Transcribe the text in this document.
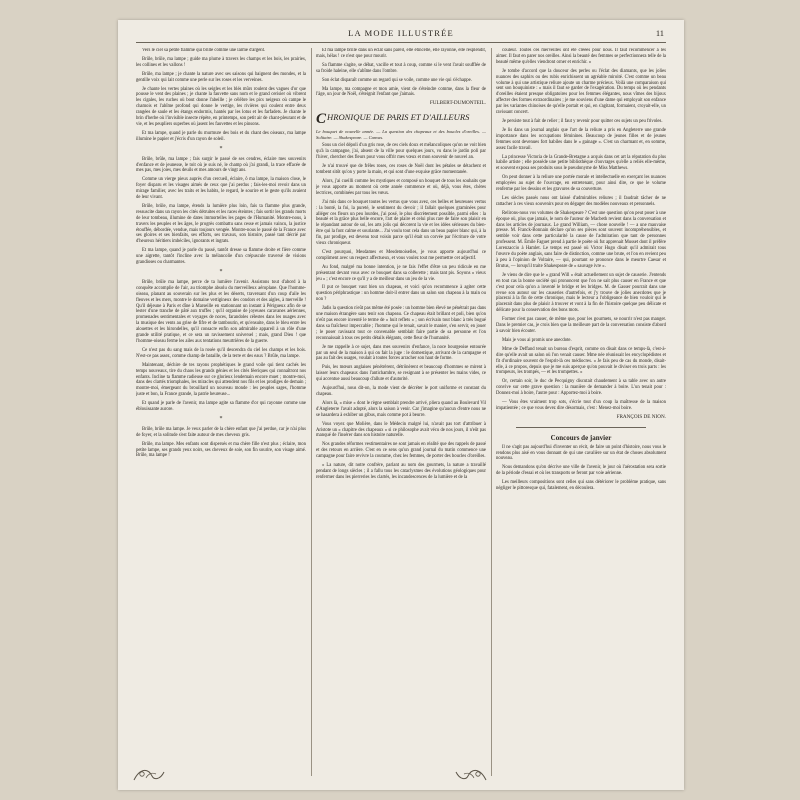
LA MODE ILLUSTRÉE	11

Vers le ciel sa petite flamme qui brille comme une larme d'argent.

Brûle, brûle, ma lampe ; guide ma plume à travers les champs et les bois, les prairies, les collines et les vallons !

Brûle, ma lampe ; je chante la nature avec ses saisons qui baignent des mondes, et la gentille voix qui lait comme une perle sur les roses et les verveines.

Je chante les vertes plaines où les seigles et les blés mûrs roulent des vagues d'or que pousse le vent des plaines ; je chante la fauvette sans nom et le grand cerisier où vibrent les cigales, les ruches où bout donne l'abeille ; je célèbre les pics neigeux où campe le chamois et l'abîme profond qui donne le vertige, les rivières qui coulent entre deux rangées de saule et les étangs endormis, hantés par les lotus et les farfadets. Je chante le brin d'herbe où l'invisible insecte répète, en printemps, son petit air de chant-pleurant et de vie, et les peupliers superbes où jasent les fauvettes et les pinsons.

Et ma lampe, quand je parle du murmure des bois et du chant des oiseaux, ma lampe illumine le papier et j'écris d'un rayon de soleil.

*

Brûle, brûle, ma lampe ; fais surgir le passé de ses cendres, éclaire mes souvenirs d'enfance et de jeunesse, le toit où je suis né, le champ où j'ai grandi, la trace effacée de mes pas, mes joies, mes deuils et mes amours de vingt ans.

Comme un vierge pieux auprès d'un cercueil, éclaire, ô ma lampe, la maison close, le foyer disparu et les visages aimés de ceux que j'ai perdus ; fais-les-moi revoir dans un mirage familier, avec les traits et les habits, le regard, le sourire et le geste qu'ils avaient de leur vivant.

Brûle, brûle, ma lampe, étends la lumière plus loin, fais ta flamme plus grande, ressuscite dans un rayon les cités détruites et les races éteintes ; fais sortir les grands morts de leur tombeau, illumine de dates immortelles les pages de l'Humanité. Montre-nous, à travers les peuples et les âges, le progrès combattu sans cesse et jamais vaincu, la justice étouffée, débordée, vendue, mais toujours vengée. Montre-nous le passé de la France avec ses gloires et ses bienfaits, ses efforts, ses travaux, son histoire, passé tant décrié par d'heureux héritiers imbéciles, ignorants et ingrats.

Et ma lampe, quand je parle du passé, tantôt dresse sa flamme droite et fière comme une aigrette, tantôt l'incline avec la mélancolie d'un crépuscule traversé de visions grandioses ou charmantes.

*

Brûle, brûle ma lampe, perce de ta lumière l'avenir. Assistons tout d'abord à la conquête accomplie de l'air, au triomphe absolu du merveilleux aéroplane. Que l'homme-oiseau, planant au souverain sur les plus et les déserts, traversant d'un coup d'aile les fleuves et les mers, montre le domaine vertigineux des condors et des aigles, à merveille ! Qu'il déjeune à Paris et dîne à Marseille en stationnant un instant à Périgueux afin de se lester d'une tranche de pâté aux truffes ; qu'il organise de joyeuses caravanes aériennes, promenades sentimentales et voyages de noces, farandoles célestes dans les nuages avec la musique des vents au grise de fifre et de tambourin, et qu'ensuite, dans le bleu entre les alouettes et les hirondelles, qu'il consacre enfin son admirable appareil à un rôle d'une grande utilité pratique, et ce sera un ravissement universel ; mais, grand Dieu ! que l'homme-oiseau ferme les ailes aux tentations meurtrières de la guerre.

Ce n'est pas du sang mais de la rosée qu'il descendra du ciel les champs et les bois. N'est-ce pas assez, comme champ de bataille, de la terre et des eaux ? Brûle, ma lampe.

Maintenant, déchire de tes rayons prophétiques le grand voile qui tient cachés les temps nouveaux, tire du chaos les grands génies et les cités féeriques qui connaîtront nos enfants. Incline ta flamme radieuse sur ce glorieux lendemain encore muet ; montre-moi, dans des clartés triomphales, les miracles qui attendent nos fils et les prodiges de demain ; montre-moi, émergeant du brouillard un nouveau monde : les peuples sages, l'homme juste et bon, la France grande, la patrie heureuse...

Et quand je parle de l'avenir, ma lampe agite sa flamme d'or qui rayonne comme une éblouissante aurore.

*

Brûle, brûle ma lampe. Je veux parler de la chère enfant que j'ai perdue, car je n'ai plus de foyer, et la solitude s'est faite autour de mes cheveux gris.

Brûle, ma lampe. Mes enfants sont dispersés et ma chère fille n'est plus ; éclaire, mon petite lampe, ses grands yeux noirs, ses cheveux de soie, son fin sourire, son visage aimé. Brûle, ma lampe !

Et ma lampe brille dans un éclat sans pareil, elle étincelle, elle rayonne, elle resplendit, mais, hélas ! ce n'est que pour mourir.

Sa flamme s'agite, se débat, vacille et tout à coup, comme si le vent l'avait soufflée de sa froide haleine, elle s'abîme dans l'ombre.

Son éclat disparaît comme un regard qui se voile, comme une vie qui s'échappe.

Ma lampe, ma compagne et mon amie, vient de s'éteindre comme, dans la fleur de l'âge, un jour de Noël, s'éteignit l'enfant que j'aimais.

FULBERT-DUMONTEIL.
C HRONIQUE DE PARIS ET D'AILLEURS

Le bouquet de nouvelle année. — La question des chapeaux et des boucles d'oreilles. — Solitaire. — Shakespeare. — Canvas.

Sous un ciel dépoli d'un gris rose, de ces ciels doux et mélancoliques qu'on ne voit bien qu'à la campagne, j'ai, absent de la ville pour quelques jours, vu dans le jardin poli par l'hiver, chercher des fleurs pour vous offrir mes vœux et mon souvenir de nouvel an.

Je n'ai trouvé que de frêles roses, ces roses de Noël dont les pétales se détachent et tombent sitôt qu'on y porte la main, et qui sont d'une exquise grâce momentanée.

Alors, j'ai cueilli comme les mystiques et composé un bouquet de tous les souhaits que je vous apporte au moment où cette année commence et où, déjà, vous êtes, chères lectrices, combinées par tous les vœux.

J'ai mis dans ce bouquet toutes les vertus que vous avez, ces belles et heureuses vertus : la bonté, la foi, la pureté, le sentiment du devoir ; il fallait quelques graminées pour alléger ces fleurs un peu lourdes, j'ai posé, le plus discrètement possible, parmi elles : la beauté et la grâce plus belle encore, l'art de plaire et celui plus rare de faire son plaisir en le répandant autour de soi, les arts jolis qui décorent la vie et les idées sérieuses du bien-être qui la font calme et souriante... J'ai voulu tout cela dans un beau papier blanc qui, à la fin, par prodige, est devenu tout voisin parce qu'il était un corvée par l'écriture de votre vieux chroniqueur.

C'est pourquoi, Mesdames et Mesdemoiselles, je vous apporte aujourd'hui ce compliment avec un respect affectueux, et vous voulez tout me permettre cet adjectif.

Au fond, malgré ma bonne intention, je ne fais l'effet d'être un peu ridicule en me présentant devant vous avec ce bouquet dans sa collerette ; mais tant pis. Soyons « vieux jeu » ; c'est encore ce qu'il y a de meilleur dans un jeu de la vie.

Il put ce bouquet vaut bien un chapeau, et voici qu'on recommence à agiter cette question périphrastique : un homme doit-il entrer dans un salon son chapeau à la main ou non ?

Jadis la question n'eût pas même été posée : un homme bien élevé ne pénétrait pas dans une maison étrangère sans tenir son chapeau. Ce chapeau était brillant et poli, bien qu'on n'eût pas encore inventé le terme de « huit reflets » ; son écrivain tout blanc à très bogué dans sa fraîcheur impeccable ; l'homme qui le tenait, savait le manier, s'en servir, en jouer ; le poser ravissant tout ce convenable semblait faire partie de sa personne et l'on reconnaissait à tous ces petits détails élégants, cette fleur de l'humanité.

Je me rappelle à ce sujet, dans mes souvenirs d'enfance, la noce bourgeoise entourée par un seul de la maison à qui on fait la juge : le domestique, arrivant de la campagne et pas au fait des usages, voulait à toutes forces arracher son haut de forme.

Puis, les mœurs anglaises pénétrèrent, détrônèrent et beaucoup d'hommes se mirent à laisser leurs chapeaux dans l'antichambre, se resignant à se présenter les mains vides, ce qui accentue aussi beaucoup d'allure et d'autorité.

Aujourd'hui, nous dit-on, la mode vient de décréter le port uniforme et constant du chapeau.

Alors là, « mise » dont le règne semblait prendre arrivé, pliera quand au Boulevard Vil d'Angleterre l'avait adopté, alors la saison à venir. Car j'imagine qu'aucun d'entre nous ne se hasardera à exhiber un gibus, mais comme pot à beurre.

Vous voyez que Molière, dans le Médecin malgré lui, n'avait pas tort d'attribuer à Aristote un « chapitre des chapeaux » si ce philosophe avait vécu de nos jours, il n'eût pas manqué de l'insérer dans son histoire naturelle.

Nos grandes réformes vestimentaires ne sont jamais en réalité que des rappels de passé et des retours en arrière. C'est en ce sens qu'un grand journal du matin commence une campagne pour faire revivre la coutume, chez les femmes, de porter des boucles d'oreilles.

« La nature, dit notre confrère, parlant au nom des gourmets, la nature a travaillé pendant de longs siècles ; il a fallu tous les cataclysmes des évolutions géologiques pour renfermer dans les pierreries les clartés, les incandescences de la lumière et de la

couleur. Toutes ces merveilles ont été créées pour nous. Il faut recommencer à les aimer. Il faut en parer nos oreilles. Ainsi la beauté des femmes se perfectionnera telle de la beauté même qu'elles viendront orner et enrichir. »

Je tombe d'accord que la douceur des perles ou l'éclat des diamants, que les jolies nuances des saphirs ou des rubis enrichissent un agréable miroité. C'est comme un beau volume à qui une artistique reliure ajoute un charme précieux. Voilà une comparaison qui sent son bouquiniste : « mais il faut se garder de l'exagération. Du temps où les pendants d'oreilles étaient presque obligatoires pour les femmes élégantes, nous vîmes des bijoux affecter des formes extraordinaires ; je me souviens d'une dame qui employait son enfance par les variantes chinoises de qu'elle portait et qui, en s'agitant, formaient, croyait-elle, un ravissant concert.

Je persiste tout à fait de relier ; il faut y revenir pour quitter ces sujets un peu frivoles.

Je lis dans un journal anglais que l'art de la reliure a pris en Angleterre une grande importance dans les occupations féminines. Beaucoup de jeunes filles et de jeunes femmes sont devenues fort habiles dans le « gainage ». C'est un charmant et, en somme, assez facile travail.

La princesse Victoria de la Grande-Bretagne a acquis dans cet art la réputation du plus habile artiste ; elle possède une petite bibliothèque d'ouvrages qu'elle a reliés elle-même, et souvent exposa ses produits sous le pseudonyme de Miss Matthews.

On peut donner à la reliure une portée morale et intellectuelle en exerçant les nuances employées au sujet de l'ouvrage, en entretenant, pour ainsi dire, ce que le volume renferme par les dessins et les gravures de sa couverture.

Les siècles passés nous ont laissé d'admirables reliures ; il faudrait tâcher de ne rattacher à ces vieux souvenirs pour en dégager des modèles nouveaux et personnels.

Relirons-nous vos volumes de Shakespeare ? C'est une question qu'on peut poser à une époque où, plus que jamais, le nom de l'auteur de Macbeth revient dans la conversation et dans les articles de journaux. Le grand William, — chose nouvelle ! — a une mauvaise presse. M. Franck-Bonnain déclare qu'on ses pièces sont souvent incompréhensibles, et semble voir dans cette particularité la cause de l'admiration que tant de personnes professent. M. Émile Faguet prend à partie le poète où fut apprenait Musset dont il préfère Lorenzaccio à Hamlet. Le temps est passé où Victor Hugo disait qu'il admirait tous l'œuvre du poète anglais, sans faire de distinction, comme une brute, et l'on en revient peu à peu à l'opinion de Voltaire, — qui, pourtant se prononce dans le meurtre Caesar et Brutus, — lorsqu'il traite Shakespeare de « sauvage ivre ».

Je viens de dire que le « grand Will » était actuellement un sujet de causerie. J'entends en tout cas la bonne société qui prononcent que l'on ne sait plus causer en France et que c'est pour cela qu'on a inventé le bridge et les bridges. M. de Gasser pourrait dans une revue son autour sur les causeries d'autrefois, et j'y trouve de jolies anecdotes que je placerai à la fin de cette chronique, mais le lecteur a l'obligeance de bien vouloir qui le placerait dans plus de plaisir à trouver et vont à la fin de l'histoire quelque peu délicate et délicate pour la conservation des bons mots.

Former n'est pas causer, de même que, pour les gourmets, se nourrir n'est pas manger. Dans le premier cas, je crois bien que la meilleure part de la conversation consiste d'abord à savoir bien écouter.

Mais je vous ai promis une anecdote.

Mme de Deffand tenait un bureau d'esprit, comme on disait dans ce temps-là, c'est-à-dire qu'elle avait un salon où l'on venait causer. Mme née réunissait les encyclopédistes et fit d'ordinaire souvent de l'esprit-là ces médiocres. « Je fais peu de cas du monde, disait-elle, à ce propos, depuis que je me suis aperçue qu'on pouvait le diviser en trois parts : les trompeurs, les trompés, — et les trompettes. »

Or, certain soir, le duc de Pecquigny discutait chaudement à sa table avec un autre convive sur cette grave question : la manière de demander à boire. L'un tenait pour : Donnez-moi à boire, l'autre pour : Apportez-moi à boire.

— Vous êtes vraiment trop sots, s'écrie tout d'un coup la maîtresse de la maison impatientée ; ce que vous devez dire désormais, c'est : Menez-moi boire.

FRANÇOIS DE NION.
Concours de janvier

Il ne s'agit pas aujourd'hui d'inventer un récit, de faire un point d'histoire, nous vous le rendons plus aisé en vous donnant de qui une cavalière sur un état de choses absolument nouveau.

Nous demandons qu'on décrive une ville de l'avenir, le jour où l'aérostation sera sortie de la période d'essai et où les transports se feront par voie aérienne.

Les meilleurs compositions sont celles qui sans détériorer le problème pratique, sans négliger le pittoresque qui, fatalement, en découlera.
